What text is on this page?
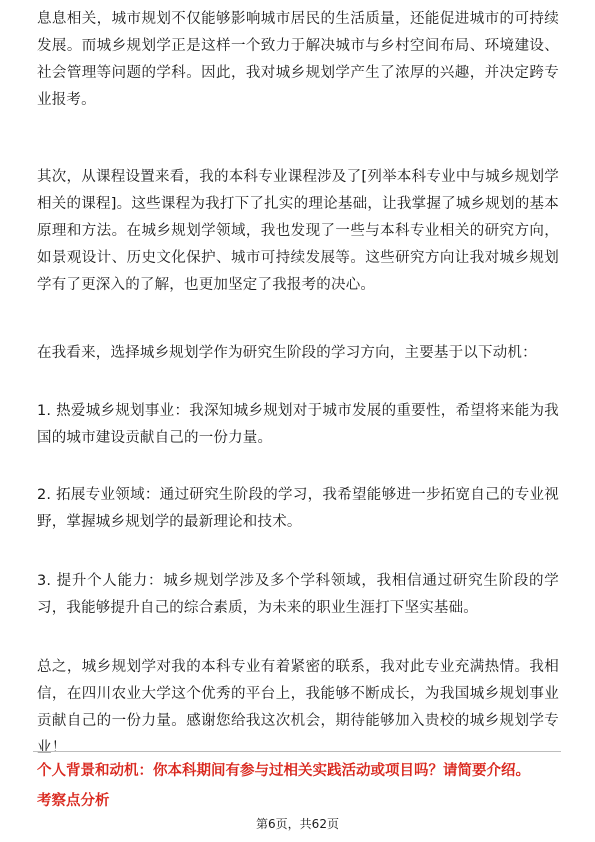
息息相关，城市规划不仅能够影响城市居民的生活质量，还能促进城市的可持续发展。而城乡规划学正是这样一个致力于解决城市与乡村空间布局、环境建设、社会管理等问题的学科。因此，我对城乡规划学产生了浓厚的兴趣，并决定跨专业报考。

其次，从课程设置来看，我的本科专业课程涉及了[列举本科专业中与城乡规划学相关的课程]。这些课程为我打下了扎实的理论基础，让我掌握了城乡规划的基本原理和方法。在城乡规划学领域，我也发现了一些与本科专业相关的研究方向，如景观设计、历史文化保护、城市可持续发展等。这些研究方向让我对城乡规划学有了更深入的了解，也更加坚定了我报考的决心。

在我看来，选择城乡规划学作为研究生阶段的学习方向，主要基于以下动机：

1. 热爱城乡规划事业：我深知城乡规划对于城市发展的重要性，希望将来能为我国的城市建设贡献自己的一份力量。

2. 拓展专业领域：通过研究生阶段的学习，我希望能够进一步拓宽自己的专业视野，掌握城乡规划学的最新理论和技术。

3. 提升个人能力：城乡规划学涉及多个学科领域，我相信通过研究生阶段的学习，我能够提升自己的综合素质，为未来的职业生涯打下坚实基础。

总之，城乡规划学对我的本科专业有着紧密的联系，我对此专业充满热情。我相信，在四川农业大学这个优秀的平台上，我能够不断成长，为我国城乡规划事业贡献自己的一份力量。感谢您给我这次机会，期待能够加入贵校的城乡规划学专业！

个人背景和动机：你本科期间有参与过相关实践活动或项目吗？请简要介绍。

考察点分析

第6页，共62页
